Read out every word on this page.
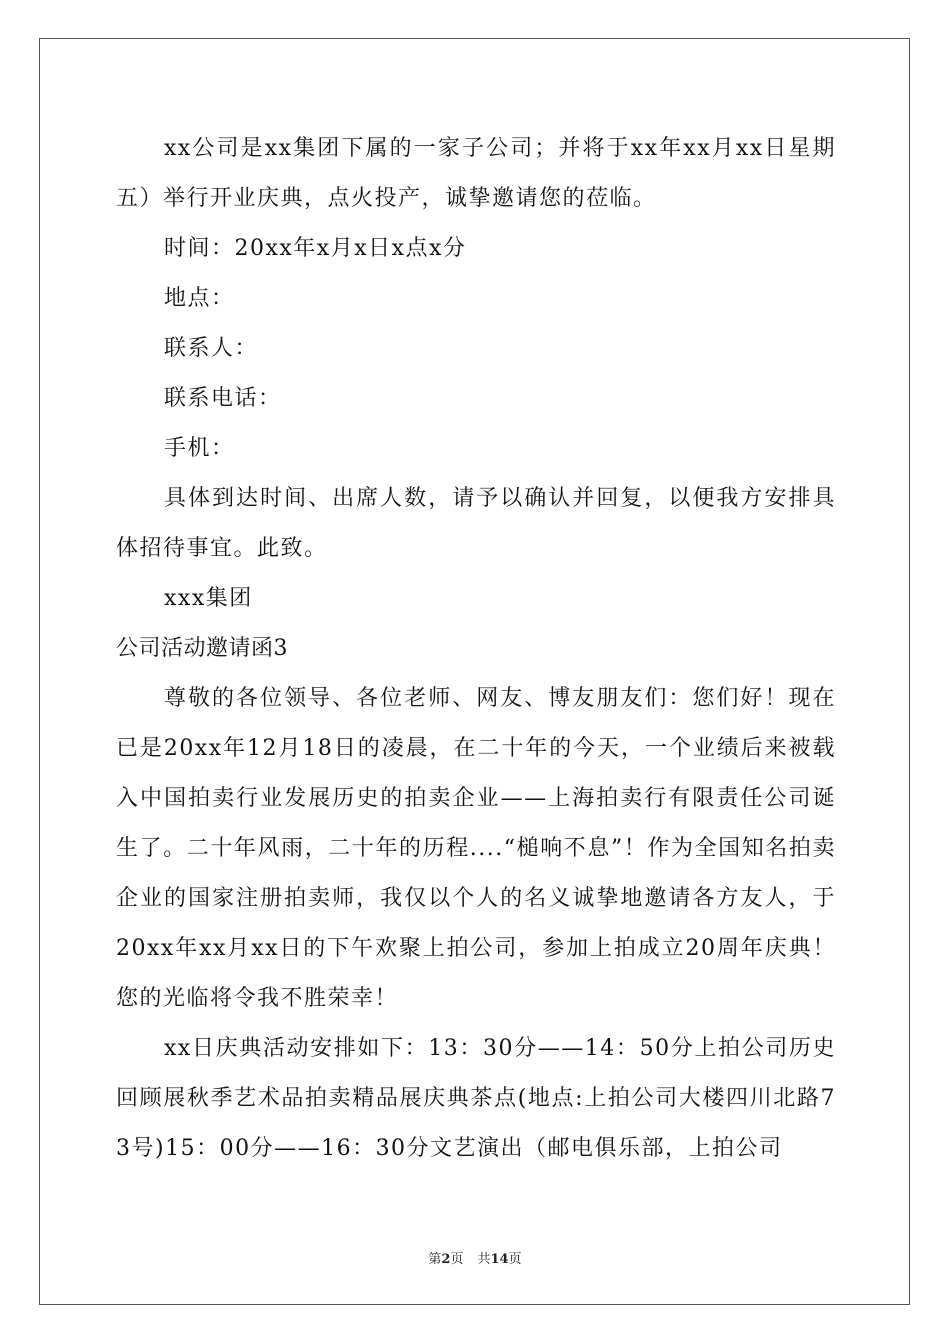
xx公司是xx集团下属的一家子公司；并将于xx年xx月xx日星期五）举行开业庆典，点火投产，诚挚邀请您的莅临。

时间：20xx年x月x日x点x分

地点：

联系人：

联系电话：

手机：

具体到达时间、出席人数，请予以确认并回复，以便我方安排具体招待事宜。此致。

xxx集团

公司活动邀请函3

尊敬的各位领导、各位老师、网友、博友朋友们：您们好！现在已是20xx年12月18日的凌晨，在二十年的今天，一个业绩后来被载入中国拍卖行业发展历史的拍卖企业——上海拍卖行有限责任公司诞生了。二十年风雨，二十年的历程....“槌响不息”！作为全国知名拍卖企业的国家注册拍卖师，我仅以个人的名义诚挚地邀请各方友人，于20xx年xx月xx日的下午欢聚上拍公司，参加上拍成立20周年庆典！您的光临将令我不胜荣幸！

xx日庆典活动安排如下：13：30分——14：50分上拍公司历史回顾展秋季艺术品拍卖精品展庆典茶点(地点:上拍公司大楼四川北路73号)15：00分——16：30分文艺演出（邮电俱乐部，上拍公司

第2页 共14页
